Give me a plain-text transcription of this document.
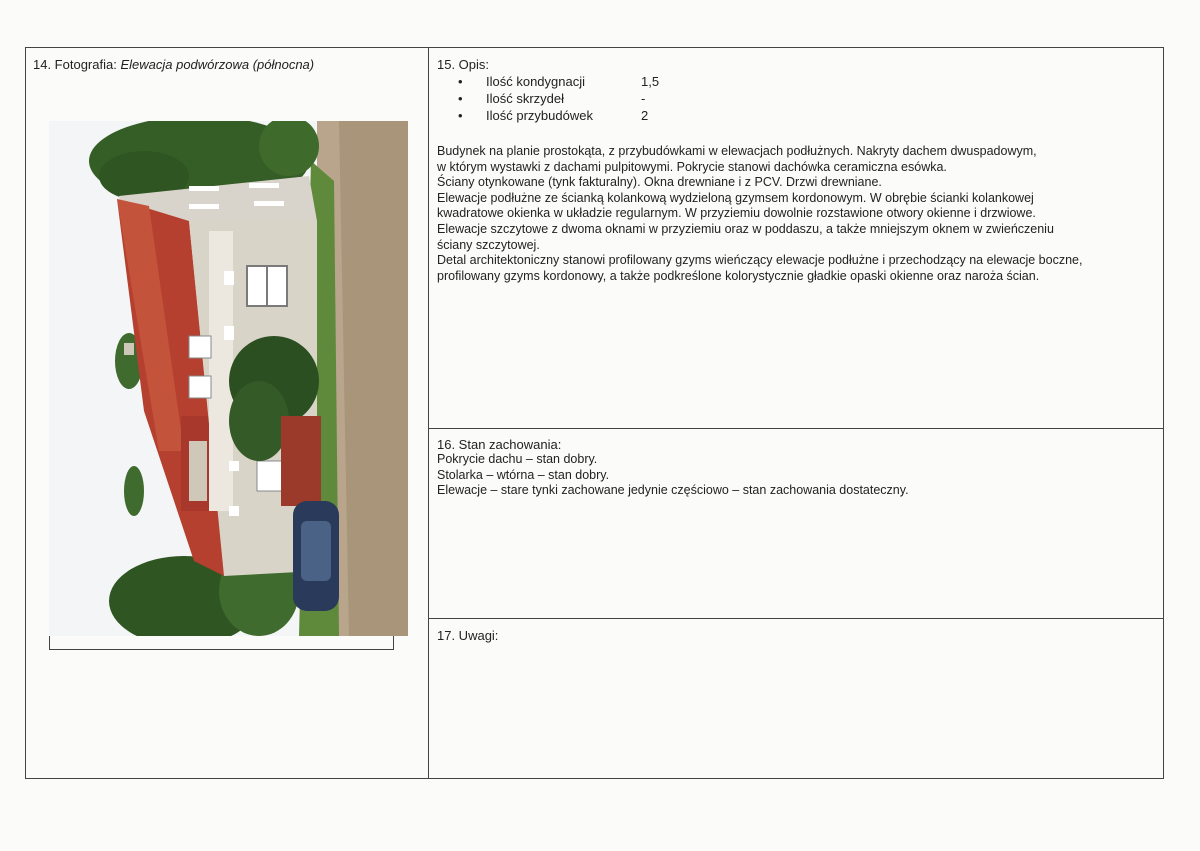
14. Fotografia: Elewacja podwórzowa (północna)	15. Opis:
• Ilość kondygnacji	1,5
• Ilość skrzydeł	-
• Ilość przybudówek	2
Budynek na planie prostokąta, z przybudówkami w elewacjach podłużnych. Nakryty dachem dwuspadowym,
w którym wystawki z dachami pulpitowymi. Pokrycie stanowi dachówka ceramiczna esówka.
Ściany otynkowane (tynk fakturalny). Okna drewniane i z PCV. Drzwi drewniane.
Elewacje podłużne ze ścianką kolankową wydzieloną gzymsem kordonowym. W obrębie ścianki kolankowej
kwadratowe okienka w układzie regularnym. W przyziemiu dowolnie rozstawione otwory okienne i drzwiowe.
Elewacje szczytowe z dwoma oknami w przyziemiu oraz w poddaszu, a także mniejszym oknem w zwieńczeniu
ściany szczytowej.
Detal architektoniczny stanowi profilowany gzyms wieńczący elewacje podłużne i przechodzący na elewacje boczne,
profilowany gzyms kordonowy, a także podkreślone kolorystycznie gładkie opaski okienne oraz naroża ścian.
16. Stan zachowania:
Pokrycie dachu – stan dobry.
Stolarka – wtórna – stan dobry.
Elewacje – stare tynki zachowane jedynie częściowo – stan zachowania dostateczny.
17. Uwagi:
